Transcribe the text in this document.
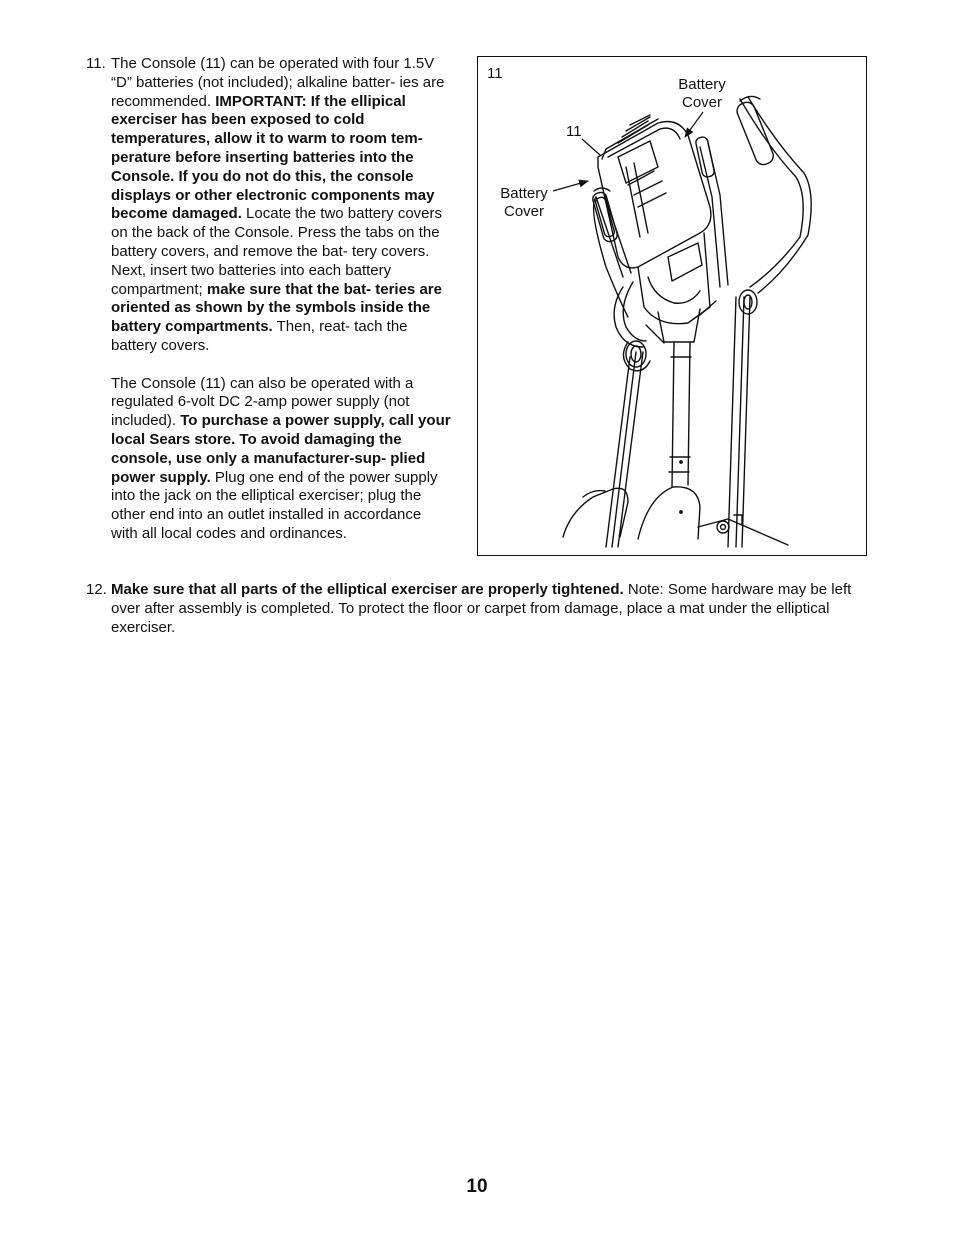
11. The Console (11) can be operated with four 1.5V “D” batteries (not included); alkaline batter- ies are recommended. IMPORTANT: If the ellipical exerciser has been exposed to cold temperatures, allow it to warm to room tem- perature before inserting batteries into the Console. If you do not do this, the console displays or other electronic components may become damaged. Locate the two battery covers on the back of the Console. Press the tabs on the battery covers, and remove the bat- tery covers. Next, insert two batteries into each battery compartment; make sure that the bat- teries are oriented as shown by the symbols inside the battery compartments. Then, reat- tach the battery covers.

The Console (11) can also be operated with a regulated 6-volt DC 2-amp power supply (not included). To purchase a power supply, call your local Sears store. To avoid damaging the console, use only a manufacturer-sup- plied power supply. Plug one end of the power supply into the jack on the elliptical exerciser; plug the other end into an outlet installed in accordance with all local codes and ordinances.

11
Battery Cover
11
Battery Cover
12. Make sure that all parts of the elliptical exerciser are properly tightened. Note: Some hardware may be left over after assembly is completed. To protect the floor or carpet from damage, place a mat under the elliptical exerciser.

10
